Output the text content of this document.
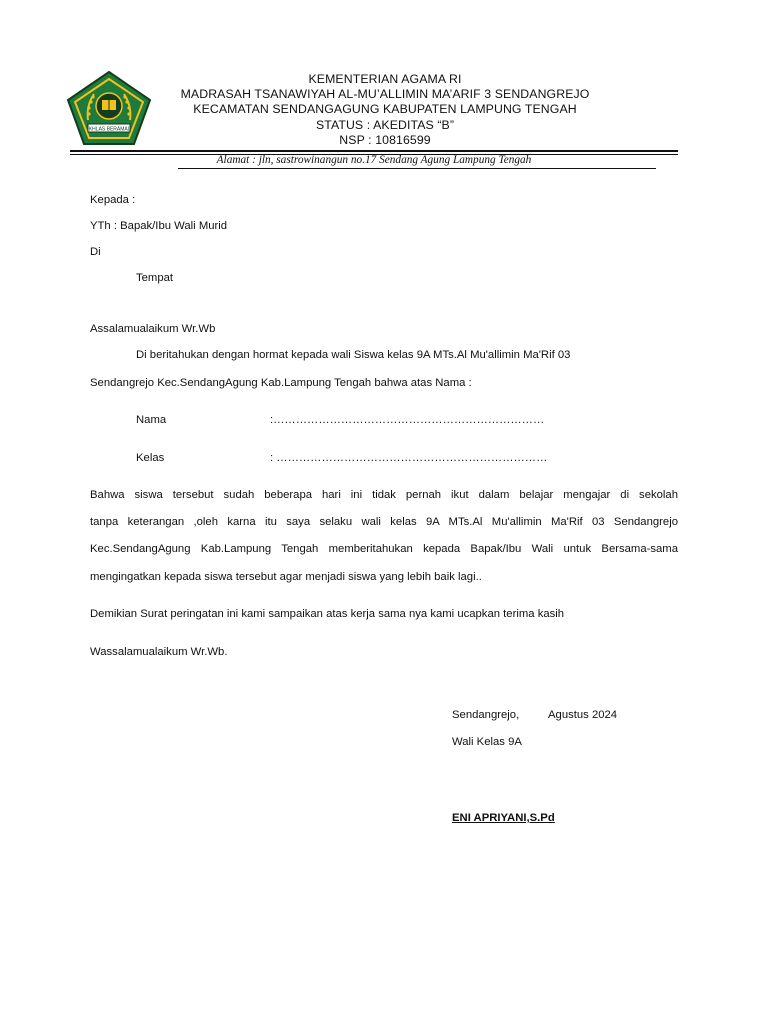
IKHLAS BERAMAL
KEMENTERIAN AGAMA RI
MADRASAH TSANAWIYAH AL-MU’ALLIMIN MA’ARIF 3 SENDANGREJO
KECAMATAN SENDANGAGUNG KABUPATEN LAMPUNG TENGAH
STATUS : AKEDITAS “B”
NSP : 10816599
Alamat : jln, sastrowinangun no.17 Sendang Agung Lampung Tengah
Kepada :
YTh : Bapak/Ibu Wali Murid
Di
Tempat
Assalamualaikum Wr.Wb
Di beritahukan dengan hormat kepada wali Siswa kelas 9A MTs.Al Mu'allimin Ma'Rif 03
Sendangrejo Kec.SendangAgung Kab.Lampung Tengah bahwa atas Nama :
Nama	:………………………………………………………………
Kelas	: ………………………………………………………………
Bahwa siswa tersebut sudah beberapa hari ini tidak pernah ikut dalam belajar mengajar di sekolah
tanpa keterangan ,oleh karna itu saya selaku wali kelas 9A MTs.Al Mu'allimin Ma'Rif 03 Sendangrejo
Kec.SendangAgung Kab.Lampung Tengah memberitahukan kepada Bapak/Ibu Wali untuk Bersama-sama
mengingatkan kepada siswa tersebut agar menjadi siswa yang lebih baik lagi..
Demikian Surat peringatan ini kami sampaikan atas kerja sama nya kami ucapkan terima kasih
Wassalamualaikum Wr.Wb.
Sendangrejo,	Agustus 2024
Wali Kelas 9A
ENI APRIYANI,S.Pd
